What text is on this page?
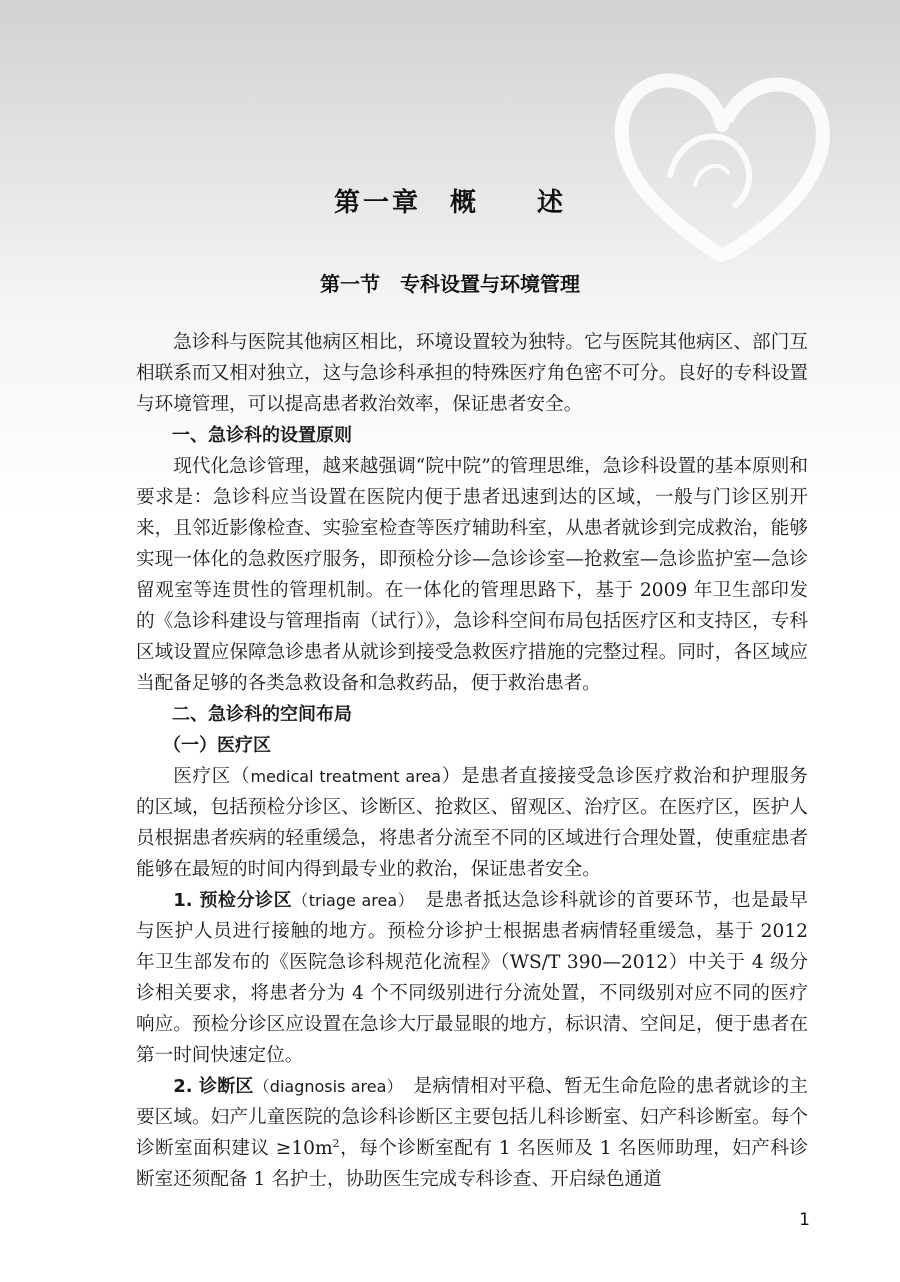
第一章　概　　述
第一节　专科设置与环境管理

急诊科与医院其他病区相比，环境设置较为独特。它与医院其他病区、部门互相联系而又相对独立，这与急诊科承担的特殊医疗角色密不可分。良好的专科设置与环境管理，可以提高患者救治效率，保证患者安全。

一、急诊科的设置原则

现代化急诊管理，越来越强调“院中院”的管理思维，急诊科设置的基本原则和要求是：急诊科应当设置在医院内便于患者迅速到达的区域，一般与门诊区别开来，且邻近影像检查、实验室检查等医疗辅助科室，从患者就诊到完成救治，能够实现一体化的急救医疗服务，即预检分诊—急诊诊室—抢救室—急诊监护室—急诊留观室等连贯性的管理机制。在一体化的管理思路下，基于 2009 年卫生部印发的《急诊科建设与管理指南（试行）》，急诊科空间布局包括医疗区和支持区，专科区域设置应保障急诊患者从就诊到接受急救医疗措施的完整过程。同时，各区域应当配备足够的各类急救设备和急救药品，便于救治患者。

二、急诊科的空间布局
（一）医疗区

医疗区（medical treatment area）是患者直接接受急诊医疗救治和护理服务的区域，包括预检分诊区、诊断区、抢救区、留观区、治疗区。在医疗区，医护人员根据患者疾病的轻重缓急，将患者分流至不同的区域进行合理处置，使重症患者能够在最短的时间内得到最专业的救治，保证患者安全。

1. 预检分诊区（triage area）　 是患者抵达急诊科就诊的首要环节，也是最早与医护人员进行接触的地方。预检分诊护士根据患者病情轻重缓急，基于 2012 年卫生部发布的《医院急诊科规范化流程》（WS/T 390—2012）中关于 4 级分诊相关要求，将患者分为 4 个不同级别进行分流处置，不同级别对应不同的医疗响应。预检分诊区应设置在急诊大厅最显眼的地方，标识清、空间足，便于患者在第一时间快速定位。

2. 诊断区（diagnosis area）　 是病情相对平稳、暂无生命危险的患者就诊的主要区域。妇产儿童医院的急诊科诊断区主要包括儿科诊断室、妇产科诊断室。每个诊断室面积建议 $\ge 10m^2$，每个诊断室配有 1 名医师及 1 名医师助理，妇产科诊断室还须配备 1 名护士，协助医生完成专科诊查、开启绿色通道

1
